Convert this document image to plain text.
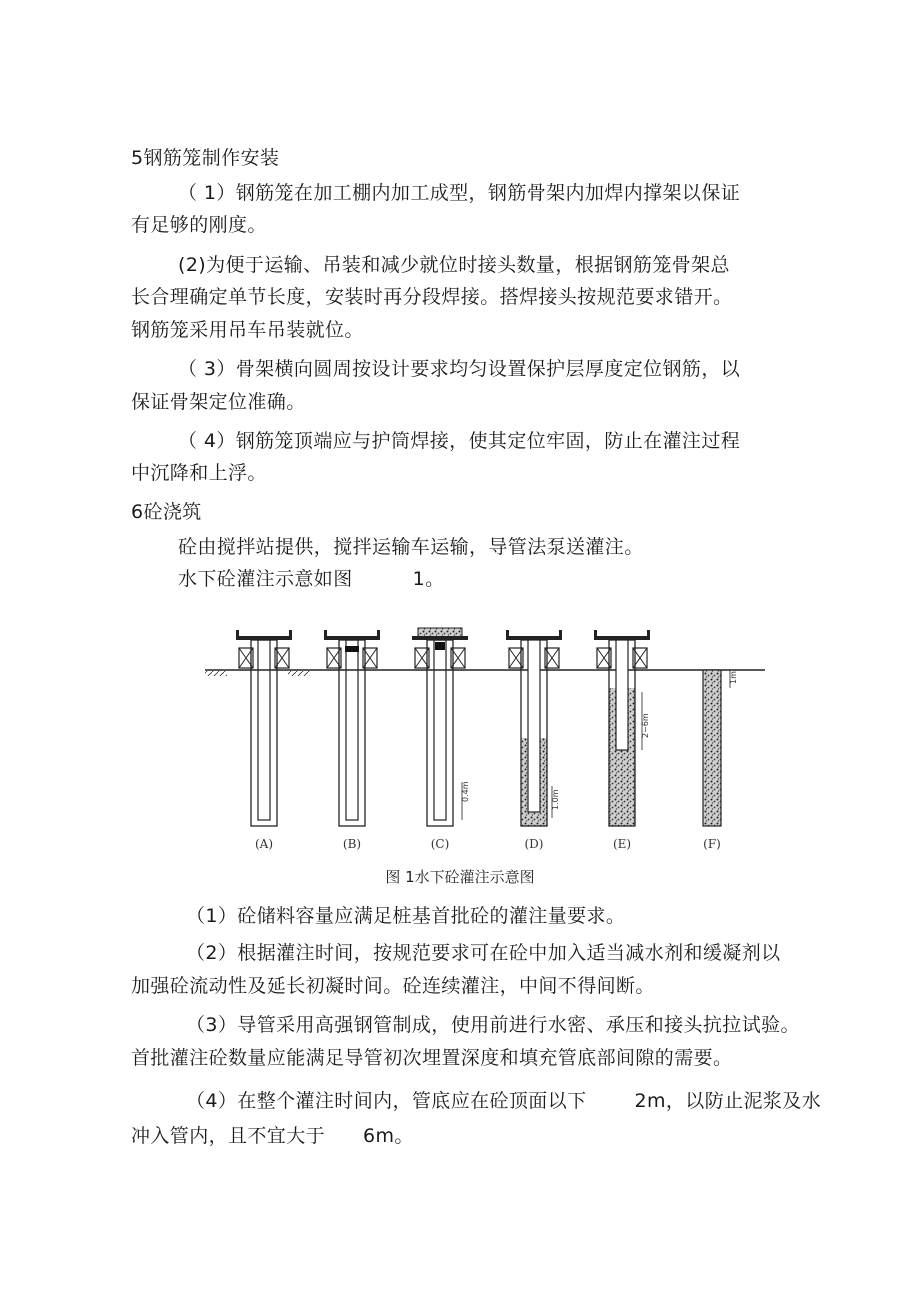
5钢筋笼制作安装
（ 1）钢筋笼在加工棚内加工成型，钢筋骨架内加焊内撑架以保证
有足够的刚度。
(2)为便于运输、吊装和减少就位时接头数量，根据钢筋笼骨架总
长合理确定单节长度，安装时再分段焊接。搭焊接头按规范要求错开。
钢筋笼采用吊车吊装就位。
（ 3）骨架横向圆周按设计要求均匀设置保护层厚度定位钢筋，以
保证骨架定位准确。
（ 4）钢筋笼顶端应与护筒焊接，使其定位牢固，防止在灌注过程
中沉降和上浮。
6砼浇筑
砼由搅拌站提供，搅拌运输车运输，导管法泵送灌注。
水下砼灌注示意如图	1。
0.4m	1.0m
2~6m
1m
(A)	(B)	(C)	(D)	(E)	(F)
图 1水下砼灌注示意图
（1）砼储料容量应满足桩基首批砼的灌注量要求。
（2）根据灌注时间，按规范要求可在砼中加入适当减水剂和缓凝剂以
加强砼流动性及延长初凝时间。砼连续灌注，中间不得间断。
（3）导管采用高强钢管制成，使用前进行水密、承压和接头抗拉试验。
首批灌注砼数量应能满足导管初次埋置深度和填充管底部间隙的需要。
（4）在整个灌注时间内，管底应在砼顶面以下	2m，以防止泥浆及水
冲入管内，且不宜大于 6m。
